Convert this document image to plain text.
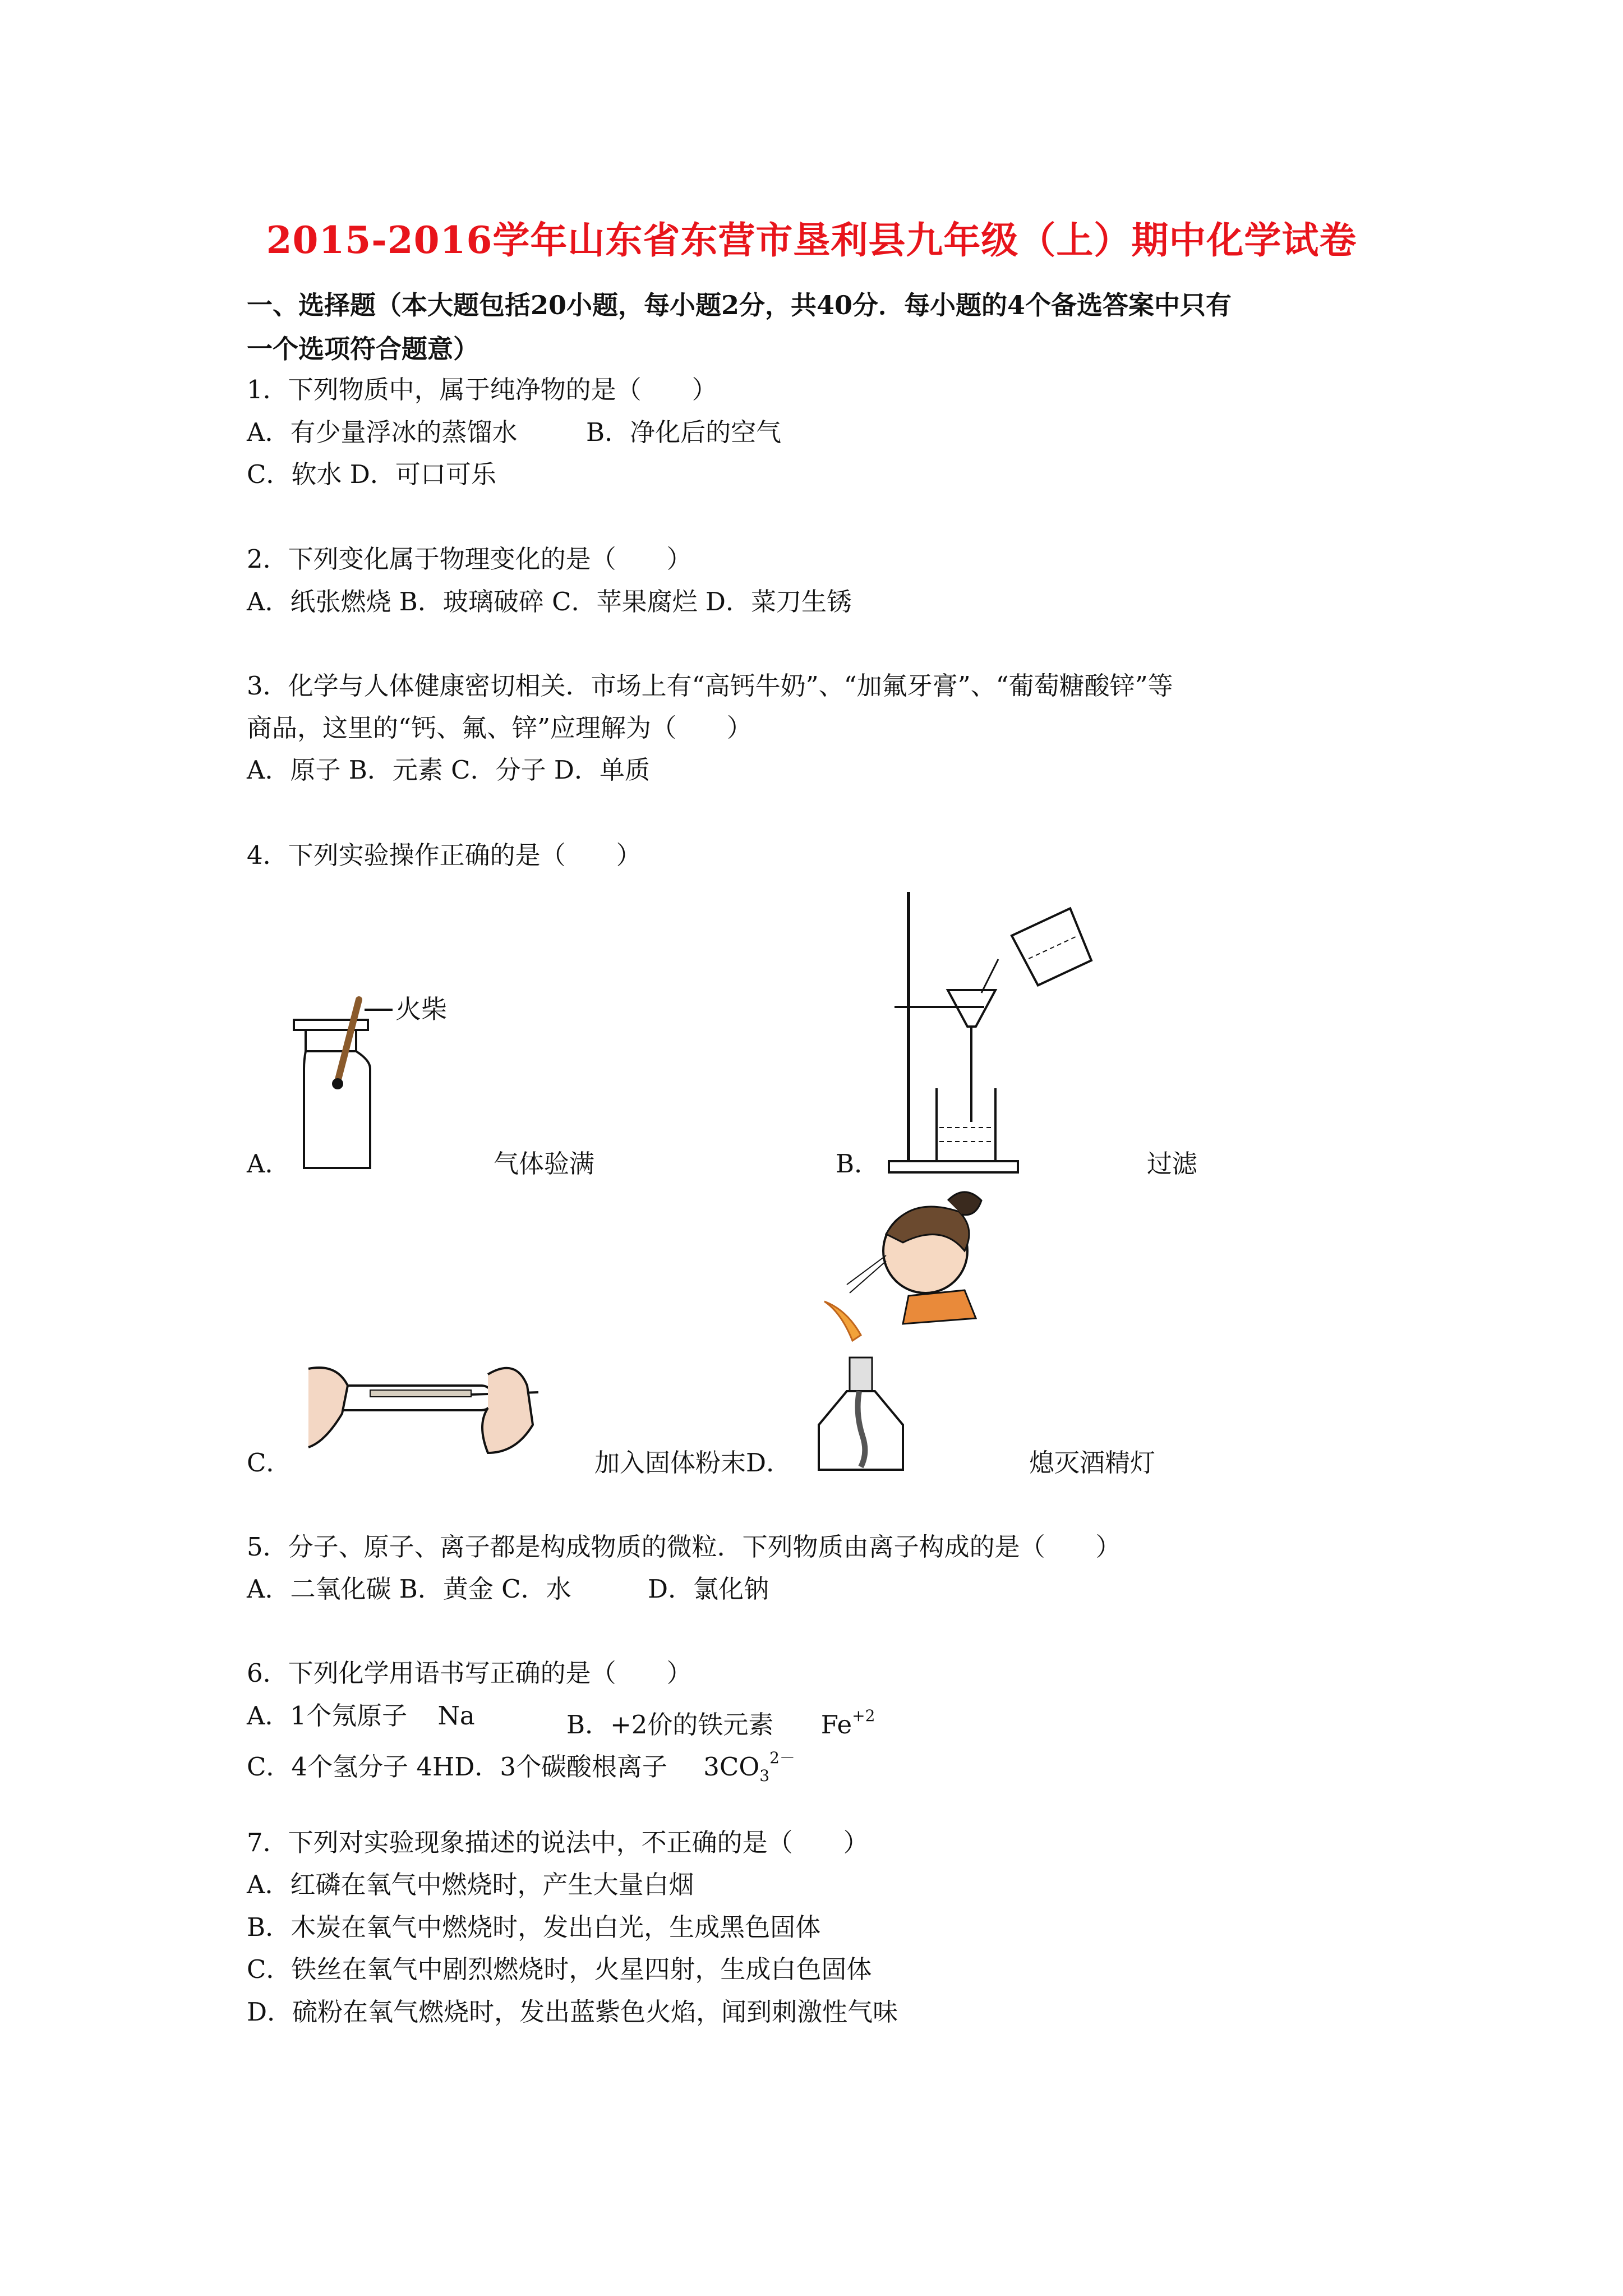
2015-2016学年山东省东营市垦利县九年级（上）期中化学试卷
一、选择题（本大题包括20小题，每小题2分，共40分．每小题的4个备选答案中只有
一个选项符合题意）
1．下列物质中，属于纯净物的是（　　）
A．有少量浮冰的蒸馏水	B．净化后的空气
C．软水 D．可口可乐
2．下列变化属于物理变化的是（　　）
A．纸张燃烧 B．玻璃破碎 C．苹果腐烂 D．菜刀生锈
3．化学与人体健康密切相关．市场上有“高钙牛奶”、“加氟牙膏”、“葡萄糖酸锌”等
商品，这里的“钙、氟、锌”应理解为（　　）
A．原子 B．元素 C．分子 D．单质
4．下列实验操作正确的是（　　）
火柴
A．	气体验满	B．	过滤
C．	加入固体粉末D．	熄灭酒精灯
5．分子、原子、离子都是构成物质的微粒．下列物质由离子构成的是（　　）
A．二氧化碳 B．黄金 C．水	D．氯化钠
6．下列化学用语书写正确的是（　　）
A．1个氖原子 Na	B．+2价的铁元素 $Fe^{+2}$
C．4个氢分子 4HD．3个碳酸根离子 $3CO_3^{2-}$
7．下列对实验现象描述的说法中，不正确的是（　　）
A．红磷在氧气中燃烧时，产生大量白烟
B．木炭在氧气中燃烧时，发出白光，生成黑色固体
C．铁丝在氧气中剧烈燃烧时，火星四射，生成白色固体
D．硫粉在氧气燃烧时，发出蓝紫色火焰，闻到刺激性气味
